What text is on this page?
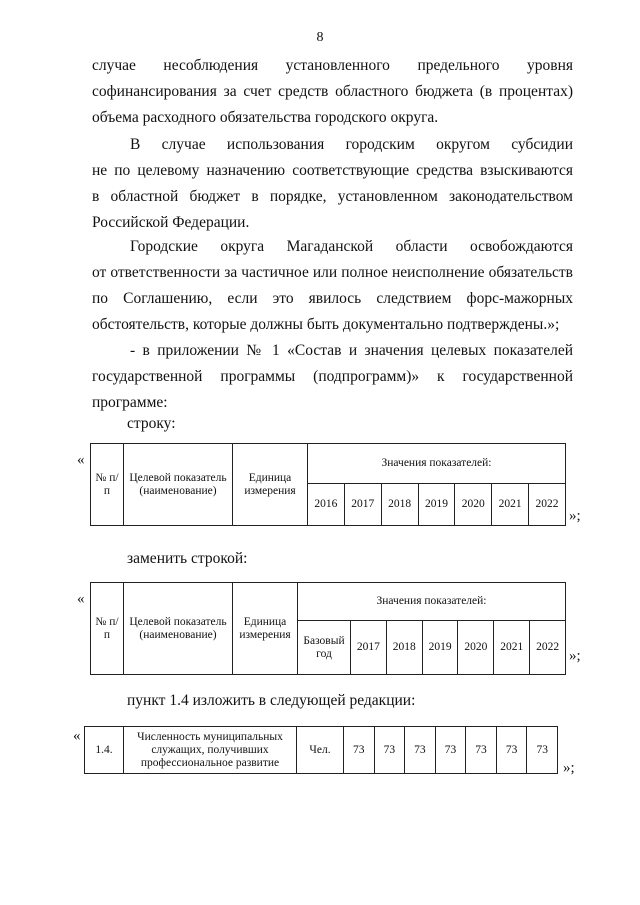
8

случае несоблюдения установленного предельного уровня
софинансирования за счет средств областного бюджета (в процентах)
объема расходного обязательства городского округа.

В случае использования городским округом субсидии
не по целевому назначению соответствующие средства взыскиваются
в областной бюджет в порядке, установленном законодательством
Российской Федерации.

Городские округа Магаданской области освобождаются
от ответственности за частичное или полное неисполнение обязательств
по Соглашению, если это явилось следствием форс-мажорных
обстоятельств, которые должны быть документально подтверждены.»;

- в приложении № 1 «Состав и значения целевых показателей
государственной программы (подпрограмм)» к государственной
программе:

строку:
«
№ п/п	Целевой показатель (наименование)	Единица измерения	Значения показателей:						
			2016	2017	2018	2019	2020	2021	2022
»;
заменить строкой:
«
№ п/п	Целевой показатель (наименование)	Единица измерения	Значения показателей:						
			Базовый год	2017	2018	2019	2020	2021	2022
»;
пункт 1.4 изложить в следующей редакции:
«
1.4.	Численность муниципальных служащих, получивших профессиональное развитие	Чел.	73	73	73	73	73	73	73
»;
